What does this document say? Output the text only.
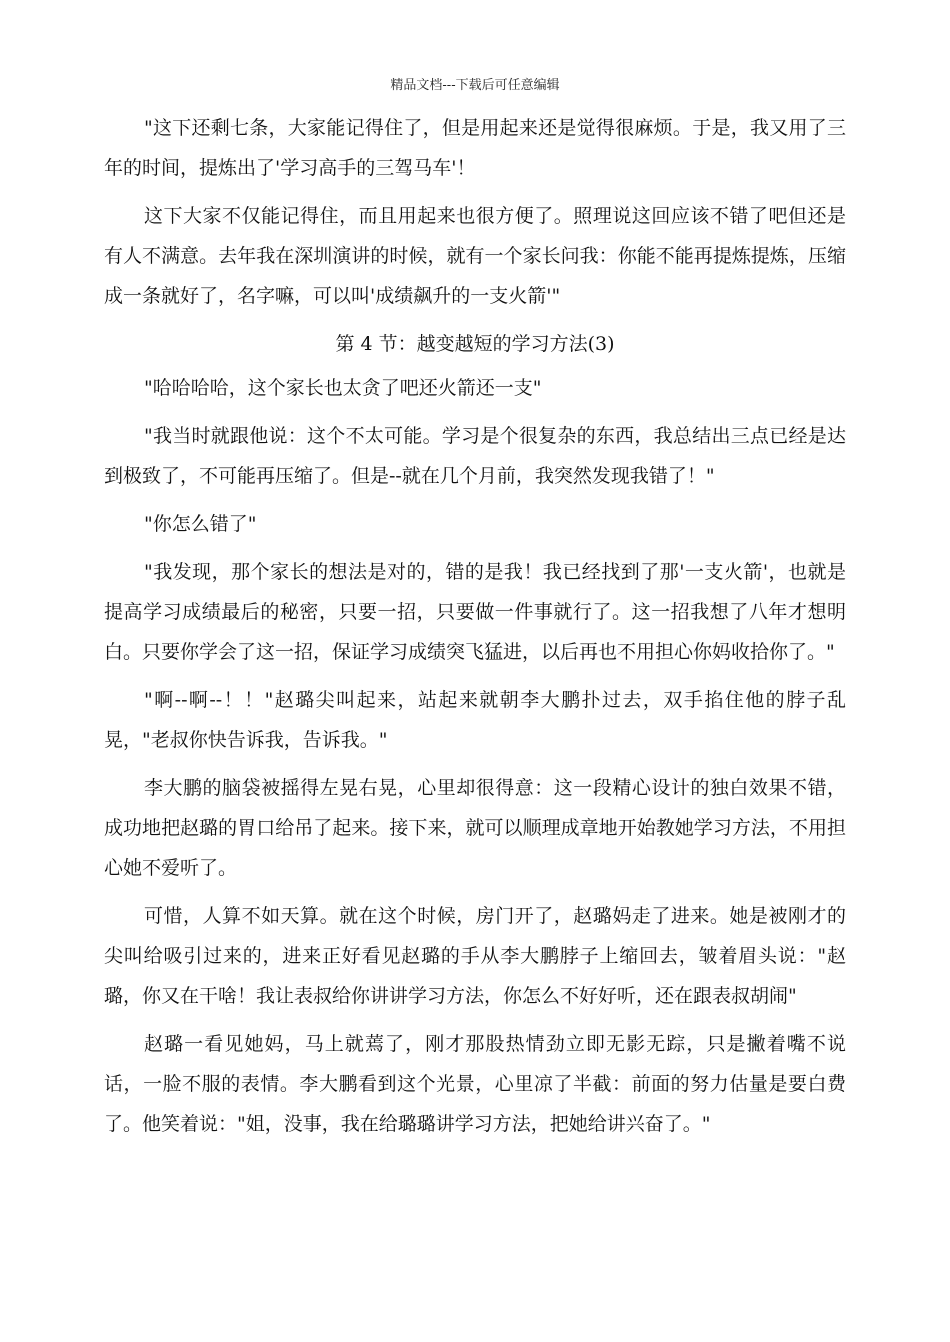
精品文档---下载后可任意编辑

"这下还剩七条，大家能记得住了，但是用起来还是觉得很麻烦。于是，我又用了三年的时间，提炼出了'学习高手的三驾马车'！

这下大家不仅能记得住，而且用起来也很方便了。照理说这回应该不错了吧但还是有人不满意。去年我在深圳演讲的时候，就有一个家长问我：你能不能再提炼提炼，压缩成一条就好了，名字嘛，可以叫'成绩飙升的一支火箭'"

第 4 节：越变越短的学习方法(3)

"哈哈哈哈，这个家长也太贪了吧还火箭还一支"

"我当时就跟他说：这个不太可能。学习是个很复杂的东西，我总结出三点已经是达到极致了，不可能再压缩了。但是--就在几个月前，我突然发现我错了！"

"你怎么错了"

"我发现，那个家长的想法是对的，错的是我！我已经找到了那'一支火箭'，也就是提高学习成绩最后的秘密，只要一招，只要做一件事就行了。这一招我想了八年才想明白。只要你学会了这一招，保证学习成绩突飞猛进，以后再也不用担心你妈收拾你了。"

"啊--啊--！！"赵璐尖叫起来，站起来就朝李大鹏扑过去，双手掐住他的脖子乱晃，"老叔你快告诉我，告诉我。"

李大鹏的脑袋被摇得左晃右晃，心里却很得意：这一段精心设计的独白效果不错，成功地把赵璐的胃口给吊了起来。接下来，就可以顺理成章地开始教她学习方法，不用担心她不爱听了。

可惜，人算不如天算。就在这个时候，房门开了，赵璐妈走了进来。她是被刚才的尖叫给吸引过来的，进来正好看见赵璐的手从李大鹏脖子上缩回去，皱着眉头说："赵璐，你又在干啥！我让表叔给你讲讲学习方法，你怎么不好好听，还在跟表叔胡闹"

赵璐一看见她妈，马上就蔫了，刚才那股热情劲立即无影无踪，只是撇着嘴不说话，一脸不服的表情。李大鹏看到这个光景，心里凉了半截：前面的努力估量是要白费了。他笑着说："姐，没事，我在给璐璐讲学习方法，把她给讲兴奋了。"
